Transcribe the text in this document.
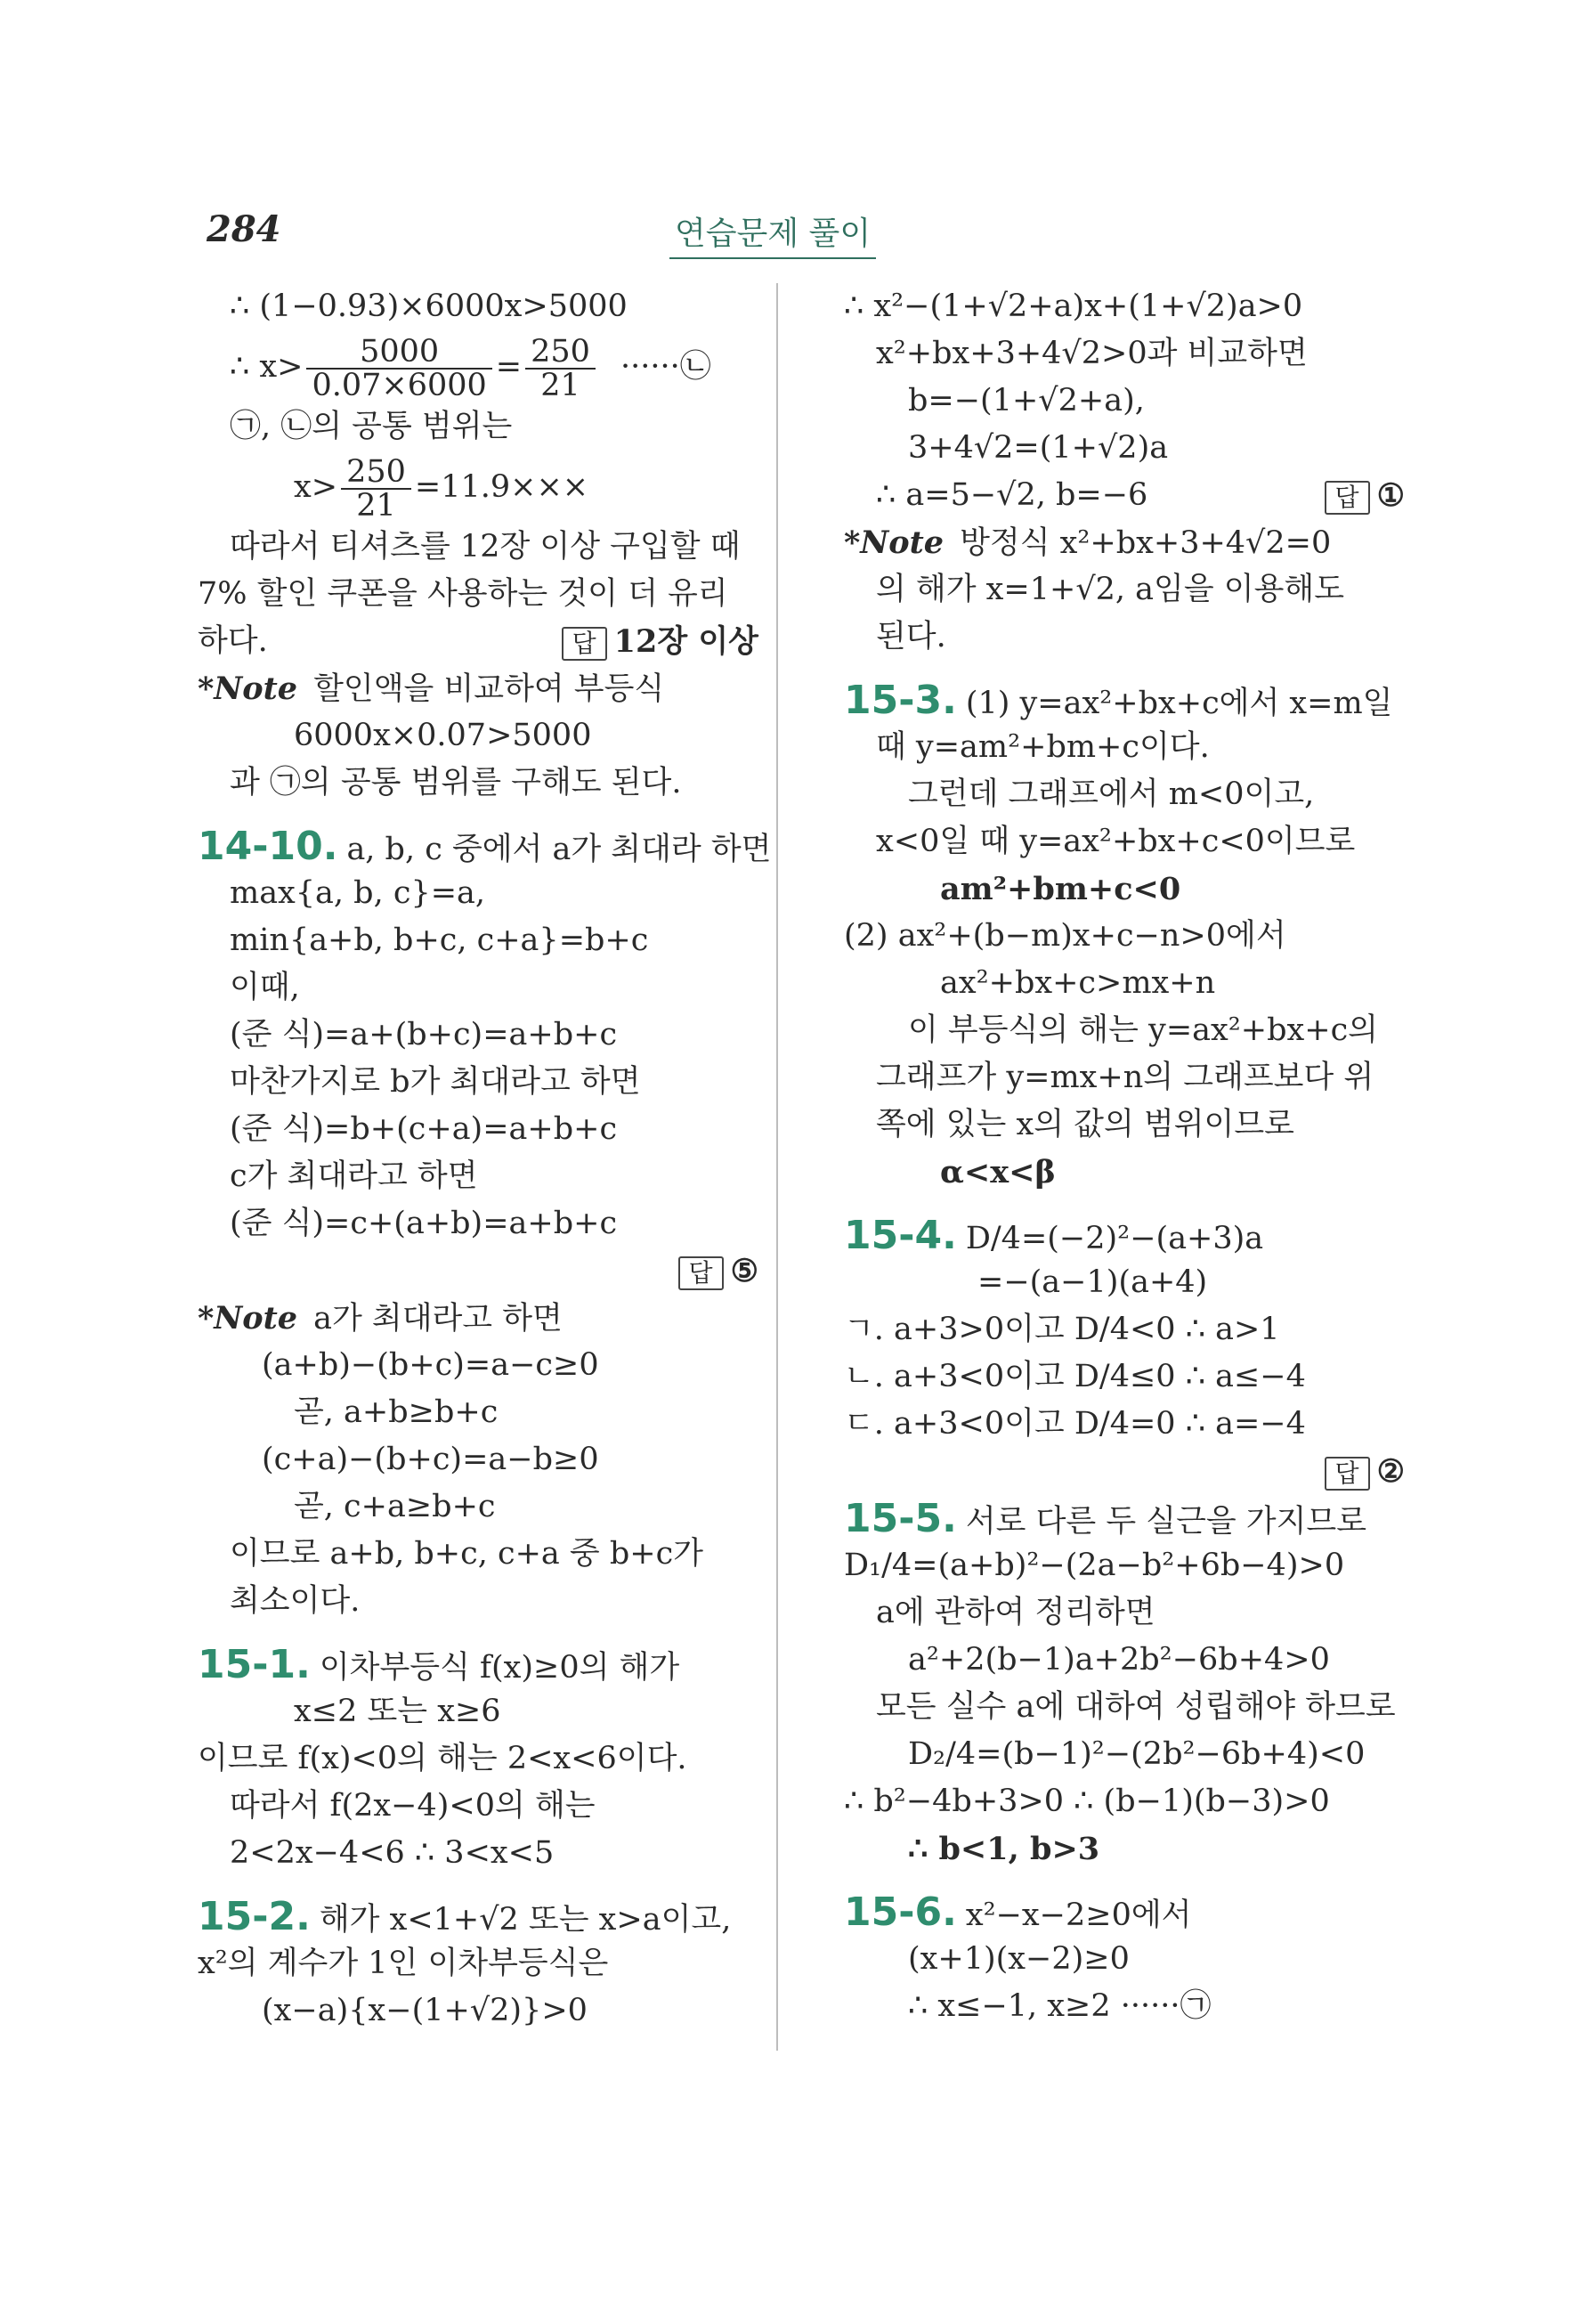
284	연습문제 풀이
∴ (1−0.93)×6000x>5000
∴ $x> \frac{5000}{0.07\times 6000} = \frac{250}{21}$ ······㉡
㉠, ㉡의 공통 범위는
$x> \frac{250}{21} =11.9\times\times\times$
따라서 티셔츠를 12장 이상 구입할 때
7% 할인 쿠폰을 사용하는 것이 더 유리
하다.	답 12장 이상
*Note 할인액을 비교하여 부등식
6000x×0.07>5000
과 ㉠의 공통 범위를 구해도 된다.
14-10. a, b, c 중에서 a가 최대라 하면
max{a, b, c}=a,
min{a+b, b+c, c+a}=b+c
이때,
(준 식)=a+(b+c)=a+b+c
마찬가지로 b가 최대라고 하면
(준 식)=b+(c+a)=a+b+c
c가 최대라고 하면
(준 식)=c+(a+b)=a+b+c
답 ⑤
*Note a가 최대라고 하면
(a+b)−(b+c)=a−c≥0
곧, a+b≥b+c
(c+a)−(b+c)=a−b≥0
곧, c+a≥b+c
이므로 a+b, b+c, c+a 중 b+c가
최소이다.
15-1. 이차부등식 f(x)≥0의 해가
x≤2 또는 x≥6
이므로 f(x)<0의 해는 2<x<6이다.
따라서 f(2x−4)<0의 해는
2<2x−4<6 ∴ 3<x<5
15-2. 해가 x<1+√2 또는 x>a이고,
x²의 계수가 1인 이차부등식은
(x−a){x−(1+√2)}>0
∴ x²−(1+√2+a)x+(1+√2)a>0
x²+bx+3+4√2>0과 비교하면
b=−(1+√2+a),
3+4√2=(1+√2)a
∴ a=5−√2, b=−6	답 ①
*Note 방정식 x²+bx+3+4√2=0
의 해가 x=1+√2, a임을 이용해도
된다.
15-3. (1) y=ax²+bx+c에서 x=m일
때 y=am²+bm+c이다.
그런데 그래프에서 m<0이고,
x<0일 때 y=ax²+bx+c<0이므로
am²+bm+c<0
(2) ax²+(b−m)x+c−n>0에서
ax²+bx+c>mx+n
이 부등식의 해는 y=ax²+bx+c의
그래프가 y=mx+n의 그래프보다 위
쪽에 있는 x의 값의 범위이므로
α<x<β
15-4. D/4=(−2)²−(a+3)a
=−(a−1)(a+4)
ㄱ. a+3>0이고 D/4<0 ∴ a>1
ㄴ. a+3<0이고 D/4≤0 ∴ a≤−4
ㄷ. a+3<0이고 D/4=0 ∴ a=−4
답 ②
15-5. 서로 다른 두 실근을 가지므로
D₁/4=(a+b)²−(2a−b²+6b−4)>0
a에 관하여 정리하면
a²+2(b−1)a+2b²−6b+4>0
모든 실수 a에 대하여 성립해야 하므로
D₂/4=(b−1)²−(2b²−6b+4)<0
∴ b²−4b+3>0 ∴ (b−1)(b−3)>0
∴ b<1, b>3
15-6. x²−x−2≥0에서
(x+1)(x−2)≥0
∴ x≤−1, x≥2 ······㉠
